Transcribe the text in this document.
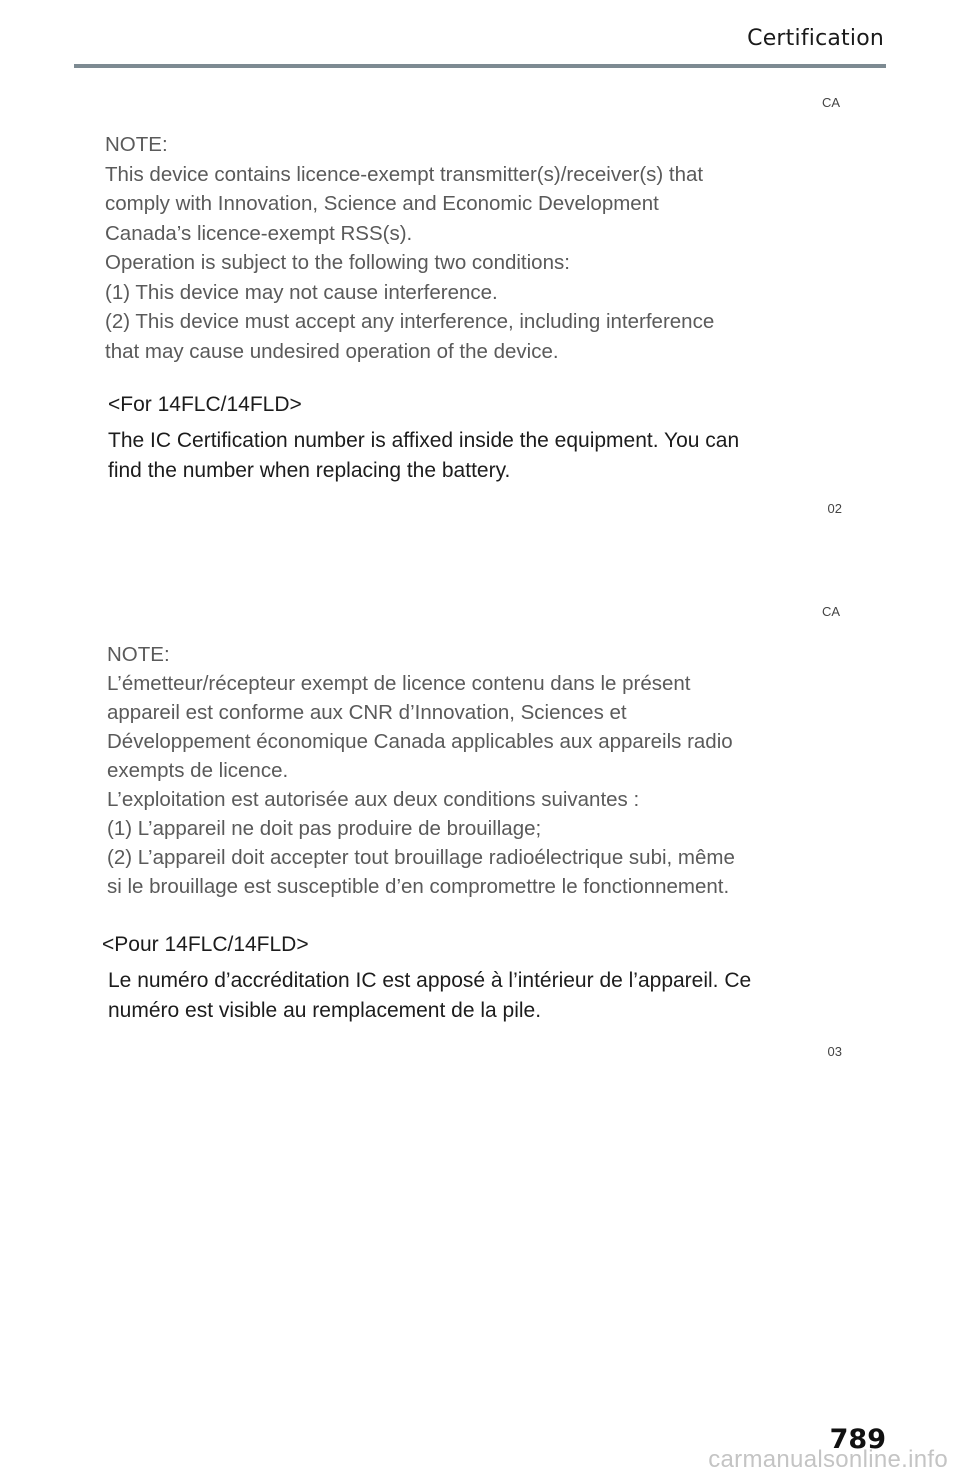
Certification
CA

NOTE:

This device contains licence-exempt transmitter(s)/receiver(s) that

comply with Innovation, Science and Economic Development

Canada’s licence-exempt RSS(s).

Operation is subject to the following two conditions:

(1) This device may not cause interference.

(2) This device must accept any interference, including interference

that may cause undesired operation of the device.

<For 14FLC/14FLD>

The IC Certification number is affixed inside the equipment. You can

find the number when replacing the battery.

02
CA

NOTE:

L’émetteur/récepteur exempt de licence contenu dans le présent

appareil est conforme aux CNR d’Innovation, Sciences et

Développement économique Canada applicables aux appareils radio

exempts de licence.

L’exploitation est autorisée aux deux conditions suivantes :

(1) L’appareil ne doit pas produire de brouillage;

(2) L’appareil doit accepter tout brouillage radioélectrique subi, même

si le brouillage est susceptible d’en compromettre le fonctionnement.

<Pour 14FLC/14FLD>

Le numéro d’accréditation IC est apposé à l’intérieur de l’appareil. Ce

numéro est visible au remplacement de la pile.

03
789
carmanualsonline.info
